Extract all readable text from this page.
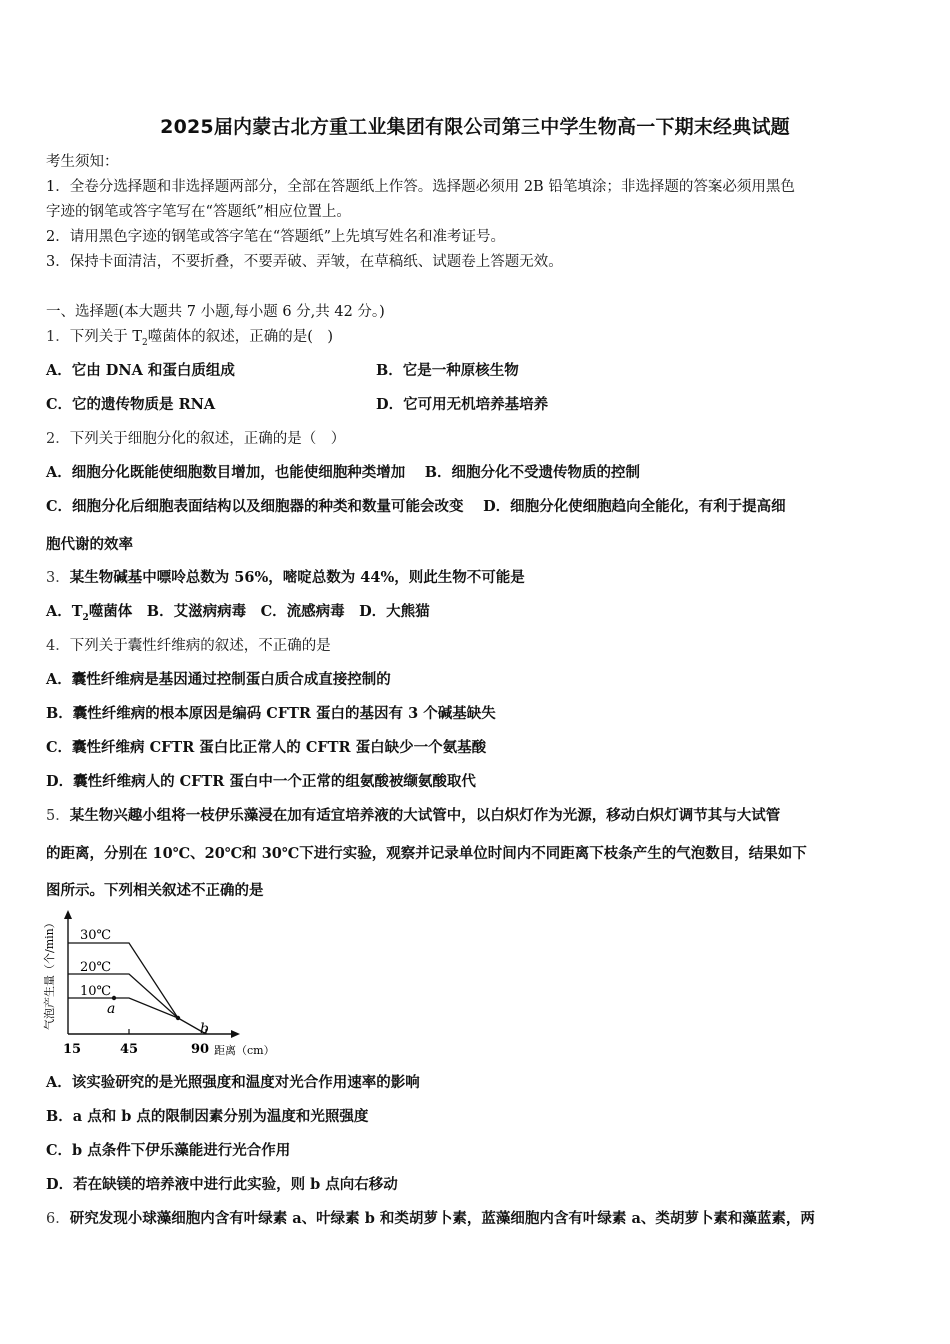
2025届内蒙古北方重工业集团有限公司第三中学生物高一下期末经典试题
考生须知：
1．全卷分选择题和非选择题两部分，全部在答题纸上作答。选择题必须用 2B 铅笔填涂；非选择题的答案必须用黑色
字迹的钢笔或答字笔写在“答题纸”相应位置上。
2．请用黑色字迹的钢笔或答字笔在“答题纸”上先填写姓名和准考证号。
3．保持卡面清洁，不要折叠，不要弄破、弄皱，在草稿纸、试题卷上答题无效。
一、选择题(本大题共 7 小题,每小题 6 分,共 42 分。)
1．下列关于 $T_2$噬菌体的叙述，正确的是(　)
A．它由 DNA 和蛋白质组成	B．它是一种原核生物
C．它的遗传物质是 RNA	D．它可用无机培养基培养
2．下列关于细胞分化的叙述，正确的是（　）
A．细胞分化既能使细胞数目增加，也能使细胞种类增加　 B．细胞分化不受遗传物质的控制
C．细胞分化后细胞表面结构以及细胞器的种类和数量可能会改变　 D．细胞分化使细胞趋向全能化，有利于提高细
胞代谢的效率
3．某生物碱基中嘌呤总数为 56%，嘧啶总数为 44%，则此生物不可能是
A．$T_2$噬菌体　B．艾滋病病毒　C．流感病毒　D．大熊猫
4．下列关于囊性纤维病的叙述，不正确的是
A．囊性纤维病是基因通过控制蛋白质合成直接控制的
B．囊性纤维病的根本原因是编码 CFTR 蛋白的基因有 3 个碱基缺失
C．囊性纤维病 CFTR 蛋白比正常人的 CFTR 蛋白缺少一个氨基酸
D．囊性纤维病人的 CFTR 蛋白中一个正常的组氨酸被缬氨酸取代
5．某生物兴趣小组将一枝伊乐藻浸在加有适宜培养液的大试管中，以白炽灯作为光源，移动白炽灯调节其与大试管
的距离，分别在 10℃、20℃和 30℃下进行实验，观察并记录单位时间内不同距离下枝条产生的气泡数目，结果如下
图所示。下列相关叙述不正确的是
气泡产生量（个/min） 30℃
20℃
10℃
a
b
15	45	90 距离（cm）
A．该实验研究的是光照强度和温度对光合作用速率的影响
B．a 点和 b 点的限制因素分别为温度和光照强度
C．b 点条件下伊乐藻能进行光合作用
D．若在缺镁的培养液中进行此实验，则 b 点向右移动
6．研究发现小球藻细胞内含有叶绿素 a、叶绿素 b 和类胡萝卜素，蓝藻细胞内含有叶绿素 a、类胡萝卜素和藻蓝素，两
